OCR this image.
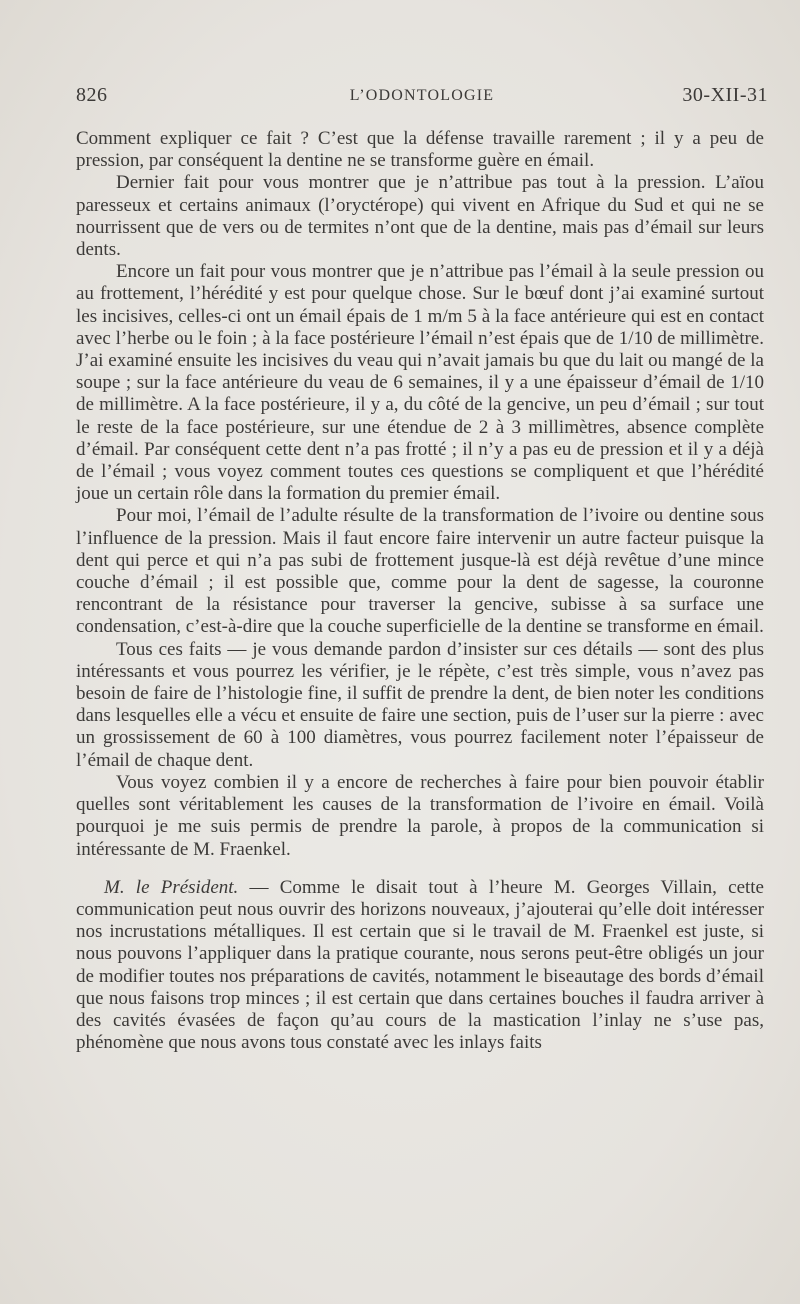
826	L’ODONTOLOGIE	30-XII-31

Comment expliquer ce fait ? C’est que la défense travaille rarement ; il y a peu de pression, par conséquent la dentine ne se transforme guère en émail.

Dernier fait pour vous montrer que je n’attribue pas tout à la pression. L’aïou paresseux et certains animaux (l’oryctérope) qui vivent en Afrique du Sud et qui ne se nourrissent que de vers ou de termites n’ont que de la dentine, mais pas d’émail sur leurs dents.

Encore un fait pour vous montrer que je n’attribue pas l’émail à la seule pression ou au frottement, l’hérédité y est pour quelque chose. Sur le bœuf dont j’ai examiné surtout les incisives, celles-ci ont un émail épais de 1 m/m 5 à la face antérieure qui est en contact avec l’herbe ou le foin ; à la face postérieure l’émail n’est épais que de 1/10 de millimètre. J’ai examiné ensuite les incisives du veau qui n’avait jamais bu que du lait ou mangé de la soupe ; sur la face antérieure du veau de 6 semaines, il y a une épaisseur d’émail de 1/10 de millimètre. A la face postérieure, il y a, du côté de la gencive, un peu d’émail ; sur tout le reste de la face postérieure, sur une étendue de 2 à 3 millimètres, absence complète d’émail. Par conséquent cette dent n’a pas frotté ; il n’y a pas eu de pression et il y a déjà de l’émail ; vous voyez comment toutes ces questions se compliquent et que l’hérédité joue un certain rôle dans la formation du premier émail.

Pour moi, l’émail de l’adulte résulte de la transformation de l’ivoire ou dentine sous l’influence de la pression. Mais il faut encore faire intervenir un autre facteur puisque la dent qui perce et qui n’a pas subi de frottement jusque-là est déjà revêtue d’une mince couche d’émail ; il est possible que, comme pour la dent de sagesse, la couronne rencontrant de la résistance pour traverser la gencive, subisse à sa surface une condensation, c’est-à-dire que la couche superficielle de la dentine se transforme en émail.

Tous ces faits — je vous demande pardon d’insister sur ces détails — sont des plus intéressants et vous pourrez les vérifier, je le répète, c’est très simple, vous n’avez pas besoin de faire de l’histologie fine, il suffit de prendre la dent, de bien noter les conditions dans lesquelles elle a vécu et ensuite de faire une section, puis de l’user sur la pierre : avec un grossissement de 60 à 100 diamètres, vous pourrez facilement noter l’épaisseur de l’émail de chaque dent.

Vous voyez combien il y a encore de recherches à faire pour bien pouvoir établir quelles sont véritablement les causes de la transformation de l’ivoire en émail. Voilà pourquoi je me suis permis de prendre la parole, à propos de la communication si intéressante de M. Fraenkel.

M. le Président. — Comme le disait tout à l’heure M. Georges Villain, cette communication peut nous ouvrir des horizons nouveaux, j’ajouterai qu’elle doit intéresser nos incrustations métalliques. Il est certain que si le travail de M. Fraenkel est juste, si nous pouvons l’appliquer dans la pratique courante, nous serons peut-être obligés un jour de modifier toutes nos préparations de cavités, notamment le biseautage des bords d’émail que nous faisons trop minces ; il est certain que dans certaines bouches il faudra arriver à des cavités évasées de façon qu’au cours de la mastication l’inlay ne s’use pas, phénomène que nous avons tous constaté avec les inlays faits
